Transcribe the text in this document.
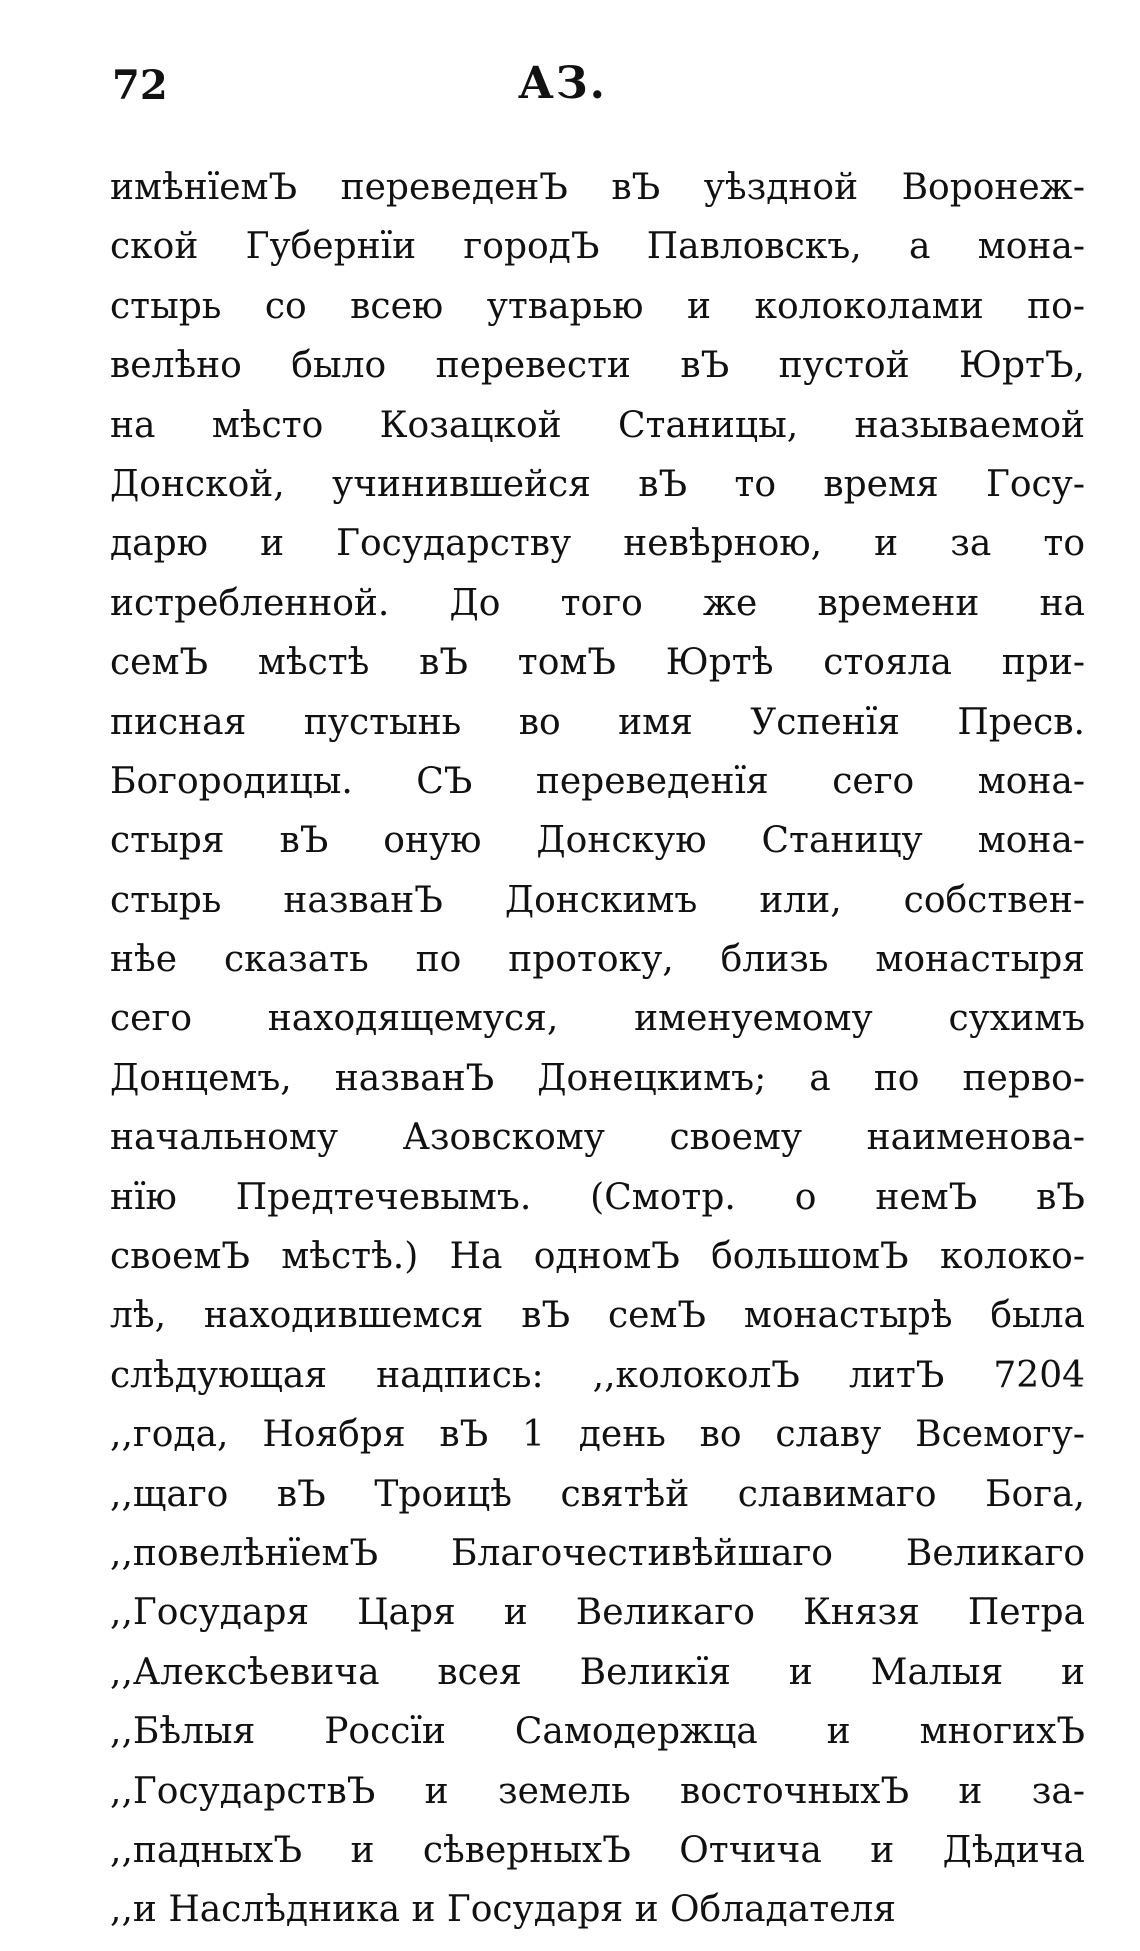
72	АЗ.
имѣнїемЪ переведенЪ вЪ уѣздной Воронеж-
ской Губернїи городЪ Павловскъ, а мона-
стырь со всею утварью и колоколами по-
велѣно было перевести вЪ пустой ЮртЪ,
на мѣсто Козацкой Станицы, называемой
Донской, учинившейся вЪ то время Госу-
дарю и Государству невѣрною, и за то
истребленной. До того же времени на
семЪ мѣстѣ вЪ томЪ Юртѣ стояла при-
писная пустынь во имя Успенїя Пресв.
Богородицы. СЪ переведенїя сего мона-
стыря вЪ оную Донскую Станицу мона-
стырь названЪ Донскимъ или, собствен-
нѣе сказать по протоку, близь монастыря
сего находящемуся, именуемому сухимъ
Донцемъ, названЪ Донецкимъ; а по перво-
начальному Азовскому своему наименова-
нїю Предтечевымъ. (Смотр. о немЪ вЪ
своемЪ мѣстѣ.) На одномЪ большомЪ колоко-
лѣ, находившемся вЪ семЪ монастырѣ была
слѣдующая надпись: ,,колоколЪ литЪ 7204
,,года, Ноября вЪ 1 день во славу Всемогу-
,,щаго вЪ Троицѣ святѣй славимаго Бога,
,,повелѣнїемЪ Благочестивѣйшаго Великаго
,,Государя Царя и Великаго Князя Петра
,,Алексѣевича всея Великїя и Малыя и
,,Бѣлыя Россїи Самодержца и многихЪ
,,ГосударствЪ и земель восточныхЪ и за-
,,падныхЪ и сѣверныхЪ Отчича и Дѣдича
,,и Наслѣдника и Государя и Обладателя
